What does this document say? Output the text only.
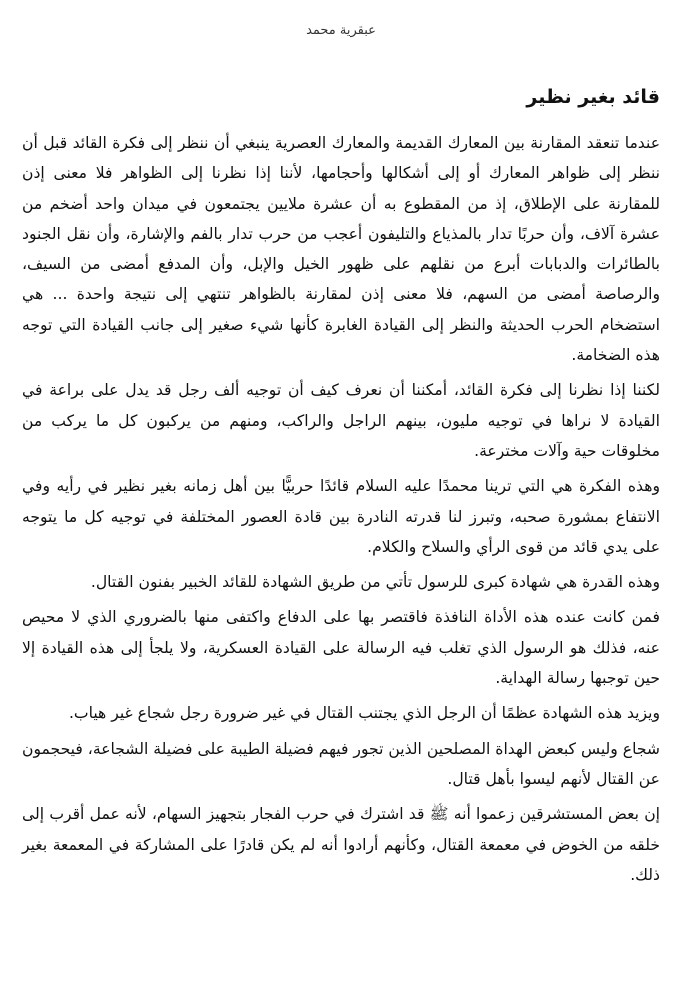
عبقرية محمد
قائد بغير نظير

عندما تنعقد المقارنة بين المعارك القديمة والمعارك العصرية ينبغي أن ننظر إلى فكرة القائد قبل أن ننظر إلى ظواهر المعارك أو إلى أشكالها وأحجامها، لأننا إذا نظرنا إلى الظواهر فلا معنى إذن للمقارنة على الإطلاق، إذ من المقطوع به أن عشرة ملايين يجتمعون في ميدان واحد أضخم من عشرة آلاف، وأن حربًا تدار بالمذياع والتليفون أعجب من حرب تدار بالفم والإشارة، وأن نقل الجنود بالطائرات والدبابات أبرع من نقلهم على ظهور الخيل والإبل، وأن المدفع أمضى من السيف، والرصاصة أمضى من السهم، فلا معنى إذن لمقارنة بالظواهر تنتهي إلى نتيجة واحدة ... هي استضخام الحرب الحديثة والنظر إلى القيادة الغابرة كأنها شيء صغير إلى جانب القيادة التي توجه هذه الضخامة.

لكننا إذا نظرنا إلى فكرة القائد، أمكننا أن نعرف كيف أن توجيه ألف رجل قد يدل على براعة في القيادة لا نراها في توجيه مليون، بينهم الراجل والراكب، ومنهم من يركبون كل ما يركب من مخلوقات حية وآلات مخترعة.

وهذه الفكرة هي التي ترينا محمدًا عليه السلام قائدًا حربيًّا بين أهل زمانه بغير نظير في رأيه وفي الانتفاع بمشورة صحبه، وتبرز لنا قدرته النادرة بين قادة العصور المختلفة في توجيه كل ما يتوجه على يدي قائد من قوى الرأي والسلاح والكلام.

وهذه القدرة هي شهادة كبرى للرسول تأتي من طريق الشهادة للقائد الخبير بفنون القتال.

فمن كانت عنده هذه الأداة النافذة فاقتصر بها على الدفاع واكتفى منها بالضروري الذي لا محيص عنه، فذلك هو الرسول الذي تغلب فيه الرسالة على القيادة العسكرية، ولا يلجأ إلى هذه القيادة إلا حين توجبها رسالة الهداية.

ويزيد هذه الشهادة عظمًا أن الرجل الذي يجتنب القتال في غير ضرورة رجل شجاع غير هياب.

شجاع وليس كبعض الهداة المصلحين الذين تجور فيهم فضيلة الطيبة على فضيلة الشجاعة، فيحجمون عن القتال لأنهم ليسوا بأهل قتال.

إن بعض المستشرقين زعموا أنه ﷺ قد اشترك في حرب الفجار بتجهيز السهام، لأنه عمل أقرب إلى خلقه من الخوض في معمعة القتال، وكأنهم أرادوا أنه لم يكن قادرًا على المشاركة في المعمعة بغير ذلك.
